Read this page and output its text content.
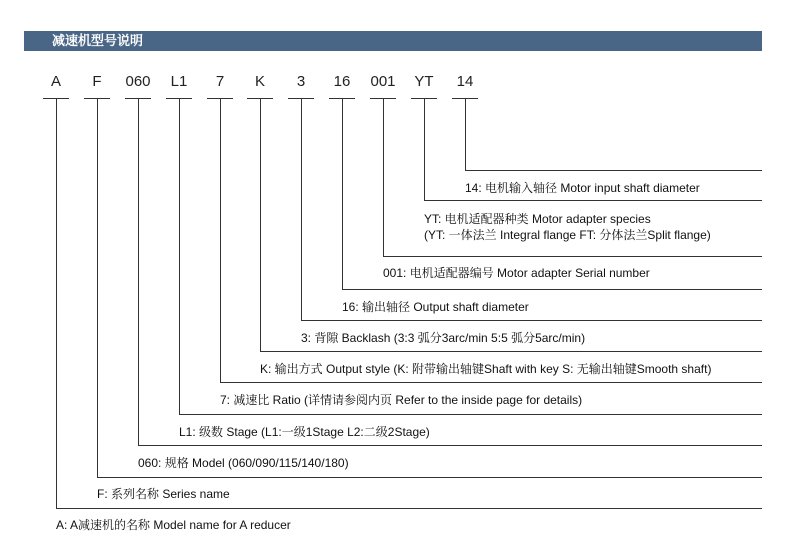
减速机型号说明
A F 060 L1 7 K 3 16 001 YT 14
14: 电机输入轴径 Motor input shaft diameter
YT: 电机适配器种类 Motor adapter species
(YT: 一体法兰 Integral flange FT: 分体法兰Split flange)
001: 电机适配器编号 Motor adapter Serial number
16: 输出轴径 Output shaft diameter
3: 背隙 Backlash (3:3 弧分3arc/min 5:5 弧分5arc/min)
K: 输出方式 Output style (K: 附带输出轴键Shaft with key S: 无输出轴键Smooth shaft)
7: 减速比 Ratio (详情请参阅内页 Refer to the inside page for details)
L1: 级数 Stage (L1:一级1Stage L2:二级2Stage)
060: 规格 Model (060/090/115/140/180)
F: 系列名称 Series name
A: A减速机的名称 Model name for A reducer
